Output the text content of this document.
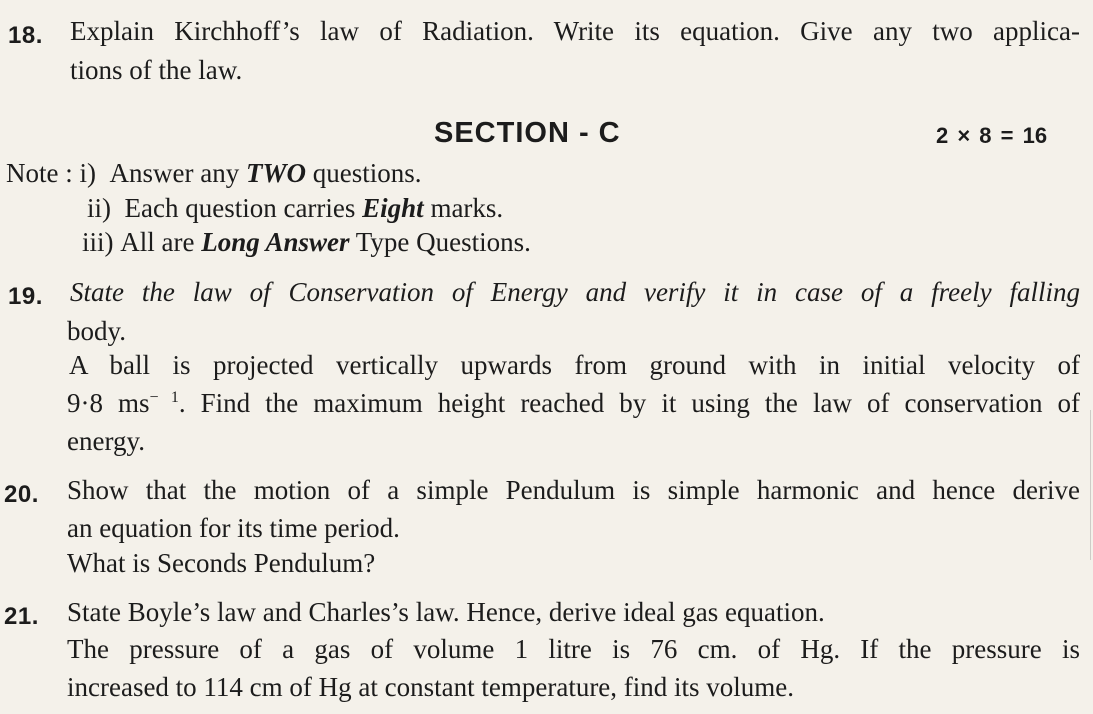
18. Explain Kirchhoff’s law of Radiation. Write its equation. Give any two applica-
tions of the law.
SECTION - C	2 × 8 = 16
Note : i) Answer any TWO questions.
ii) Each question carries Eight marks.
iii) All are Long Answer Type Questions.
19. State the law of Conservation of Energy and verify it in case of a freely falling
body.
A ball is projected vertically upwards from ground with in initial velocity of
9·8 $ms^{- 1}$. Find the maximum height reached by it using the law of conservation of
energy.
20. Show that the motion of a simple Pendulum is simple harmonic and hence derive
an equation for its time period.
What is Seconds Pendulum?
21. State Boyle’s law and Charles’s law. Hence, derive ideal gas equation.
The pressure of a gas of volume 1 litre is 76 cm. of Hg. If the pressure is
increased to 114 cm of Hg at constant temperature, find its volume.
